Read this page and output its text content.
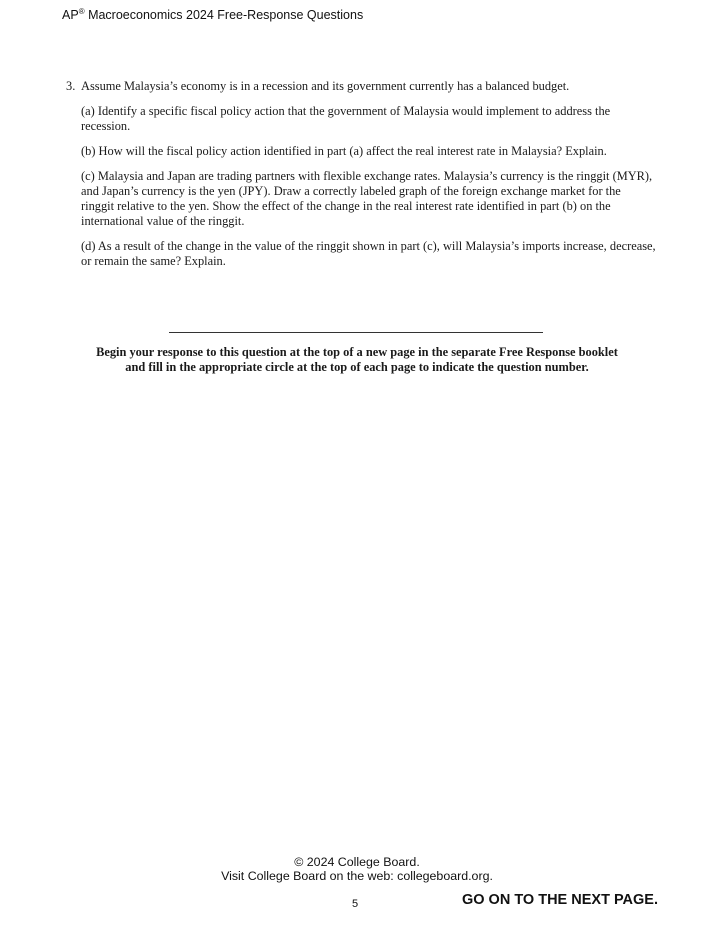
AP® Macroeconomics 2024 Free-Response Questions
3. Assume Malaysia’s economy is in a recession and its government currently has a balanced budget.
(a) Identify a specific fiscal policy action that the government of Malaysia would implement to address the recession.
(b) How will the fiscal policy action identified in part (a) affect the real interest rate in Malaysia? Explain.
(c) Malaysia and Japan are trading partners with flexible exchange rates. Malaysia’s currency is the ringgit (MYR), and Japan’s currency is the yen (JPY). Draw a correctly labeled graph of the foreign exchange market for the ringgit relative to the yen. Show the effect of the change in the real interest rate identified in part (b) on the international value of the ringgit.
(d) As a result of the change in the value of the ringgit shown in part (c), will Malaysia’s imports increase, decrease, or remain the same? Explain.
Begin your response to this question at the top of a new page in the separate Free Response booklet
and fill in the appropriate circle at the top of each page to indicate the question number.
© 2024 College Board.
Visit College Board on the web: collegeboard.org.
5	GO ON TO THE NEXT PAGE.
